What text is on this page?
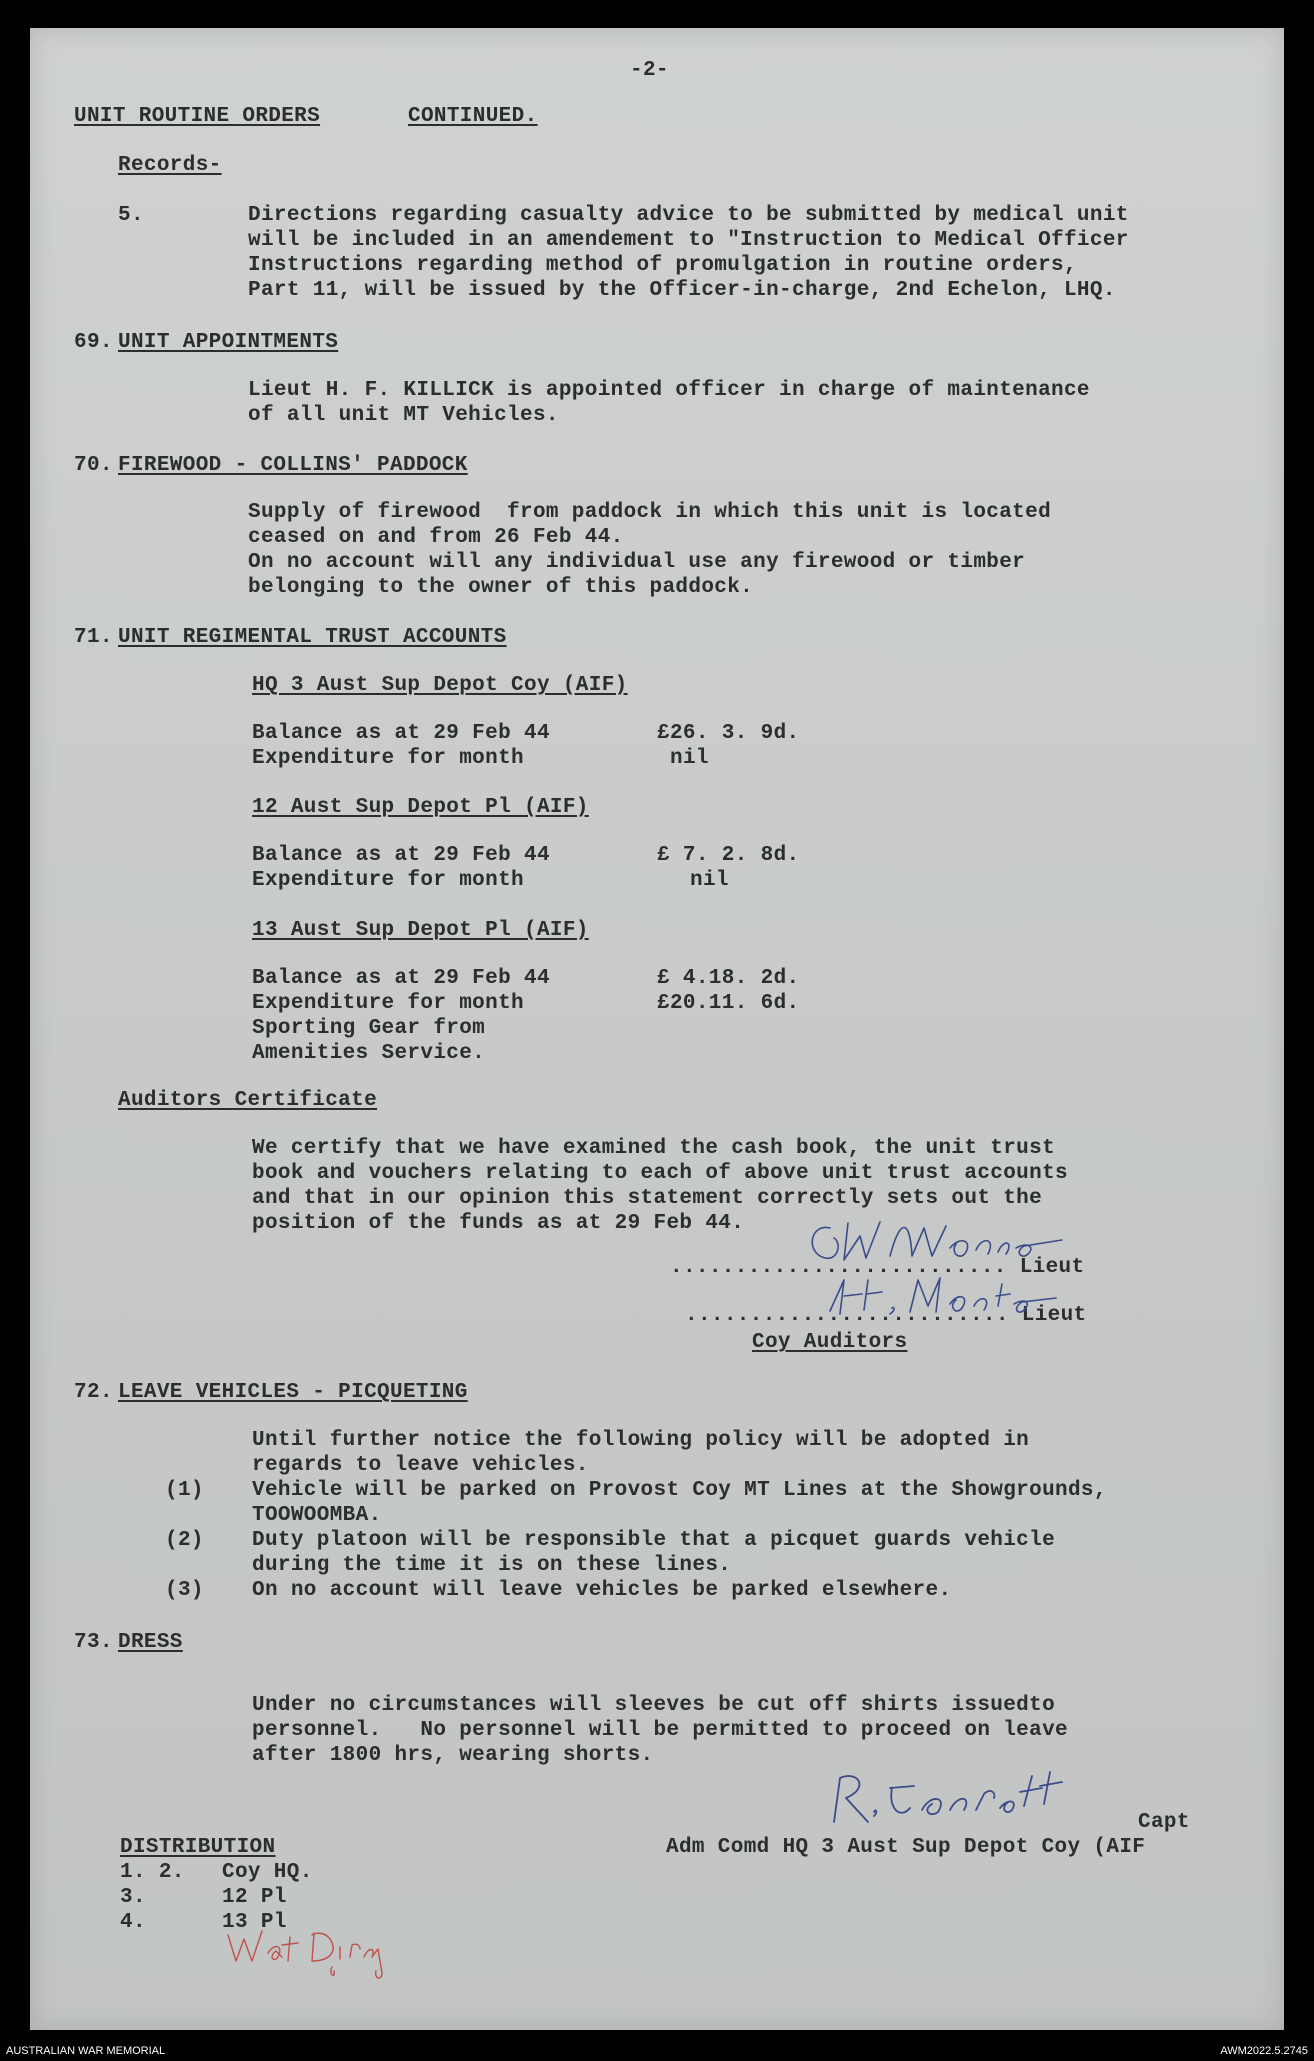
-2-
UNIT ROUTINE ORDERS	CONTINUED.
Records-
5.	Directions regarding casualty advice to be submitted by medical unit
will be included in an amendement to "Instruction to Medical Officer
Instructions regarding method of promulgation in routine orders,
Part 11, will be issued by the Officer-in-charge, 2nd Echelon, LHQ.
69. UNIT APPOINTMENTS
Lieut H. F. KILLICK is appointed officer in charge of maintenance
of all unit MT Vehicles.
70. FIREWOOD - COLLINS' PADDOCK
Supply of firewood  from paddock in which this unit is located
ceased on and from 26 Feb 44.
On no account will any individual use any firewood or timber
belonging to the owner of this paddock.
71. UNIT REGIMENTAL TRUST ACCOUNTS
HQ 3 Aust Sup Depot Coy (AIF)
Balance as at 29 Feb 44	£26. 3. 9d.
Expenditure for month	nil
12 Aust Sup Depot Pl (AIF)
Balance as at 29 Feb 44	£ 7. 2. 8d.
Expenditure for month	nil
13 Aust Sup Depot Pl (AIF)
Balance as at 29 Feb 44	£ 4.18. 2d.
Expenditure for month	£20.11. 6d.
Sporting Gear from
Amenities Service.
Auditors Certificate
We certify that we have examined the cash book, the unit trust
book and vouchers relating to each of above unit trust accounts
and that in our opinion this statement correctly sets out the
position of the funds as at 29 Feb 44.
.......................... Lieut
......................... Lieut
Coy Auditors
72. LEAVE VEHICLES - PICQUETING
Until further notice the following policy will be adopted in
regards to leave vehicles.
(1) Vehicle will be parked on Provost Coy MT Lines at the Showgrounds,
TOOWOOMBA.
(2) Duty platoon will be responsible that a picquet guards vehicle
during the time it is on these lines.
(3) On no account will leave vehicles be parked elsewhere.
73. DRESS
Under no circumstances will sleeves be cut off shirts issuedto
personnel.   No personnel will be permitted to proceed on leave
after 1800 hrs, wearing shorts.
Capt
Adm Comd HQ 3 Aust Sup Depot Coy (AIF
DISTRIBUTION
1. 2. Coy HQ.
3.	12 Pl
4.	13 Pl
AUSTRALIAN WAR MEMORIAL	AWM2022.5.2745
